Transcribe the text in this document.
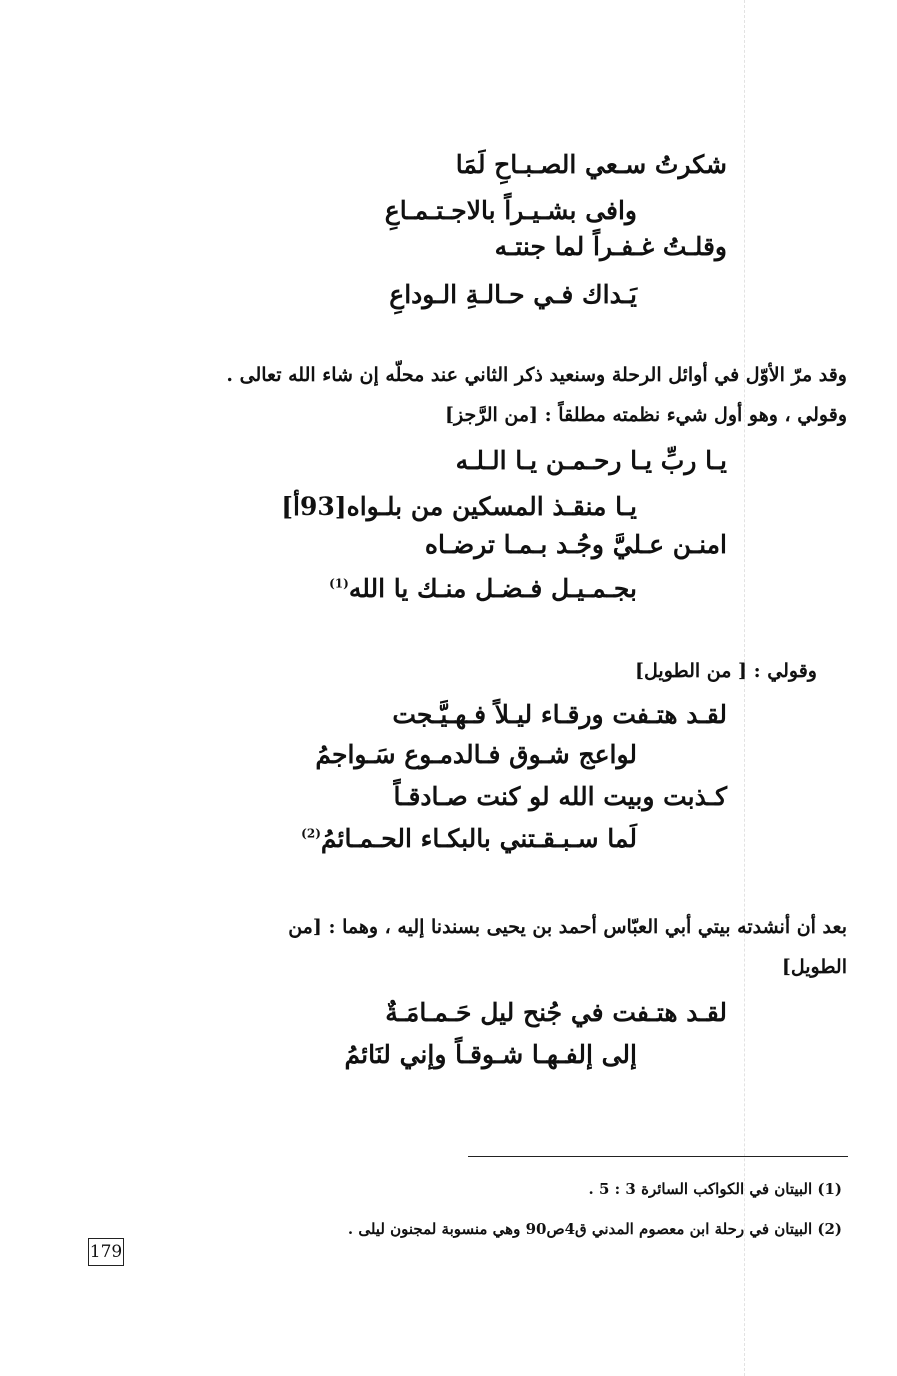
شكرتُ سـعي الصـبـاحِ لَمَا
وافى بشـيـراً بالاجـتـمـاعِ
وقلـتُ غـفـراً لما جنتـه
يَـداك فـي حـالـةِ الـوداعِ
وقد مرّ الأوّل في أوائل الرحلة وسنعيد ذكر الثاني عند محلّه إن شاء الله تعالى .
وقولي ، وهو أول شيء نظمته مطلقاً : [من الرَّجز]
يـا ربِّ يـا رحـمـن يـا الـلـه
يـا منقـذ المسكين من بلـواه[93أ]
امنـن عـليَّ وجُـد بـمـا ترضـاه
بجـمـيـل فـضـل منـك يا الله$^{(1)}$
وقولي : [ من الطويل]
لقـد هتـفت ورقـاء ليـلاً فـهـيَّـجت
لواعج شـوق فـالدمـوع سَـواجمُ
كـذبت وبيت الله لو كنت صـادقـاً
لَما سـبـقـتني بالبكـاء الحـمـائمُ$^{(2)}$
بعد أن أنشدته بيتي أبي العبّاس أحمد بن يحيى بسندنا إليه ، وهما : [من
الطويل]
لقـد هتـفت في جُنح ليل حَـمـامَـةٌ
إلى إلفـهـا شـوقـاً وإني لنَائمُ
(1) البيتان في الكواكب السائرة 3 : 5 .
(2) البيتان في رحلة ابن معصوم المدني ق4ص90 وهي منسوبة لمجنون ليلى .
179
